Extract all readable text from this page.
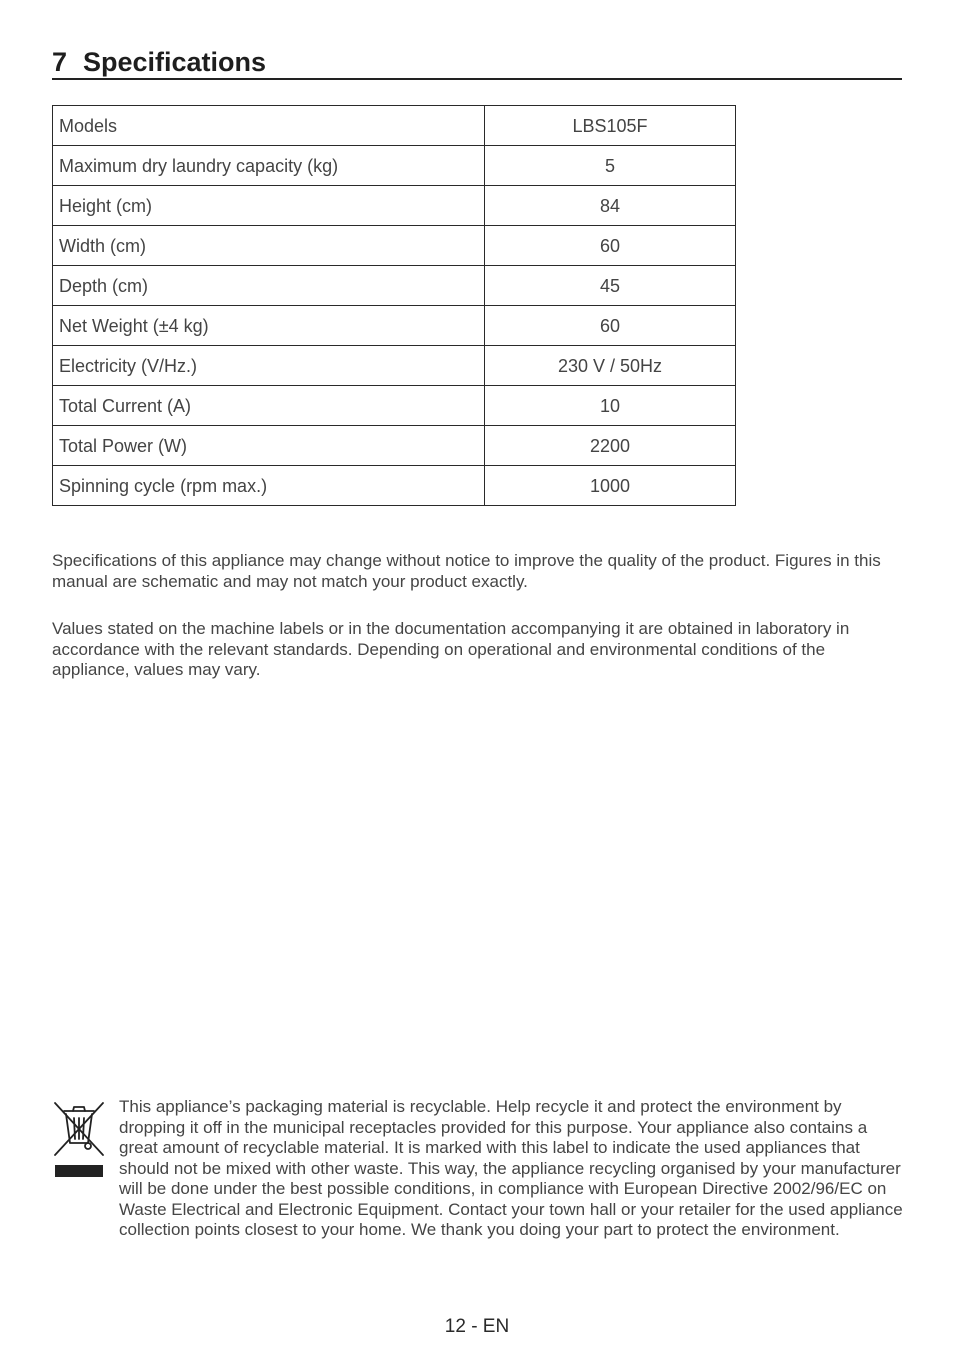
7 Specifications
Models	LBS105F
Maximum dry laundry capacity (kg)	5
Height (cm)	84
Width (cm)	60
Depth (cm)	45
Net Weight (±4 kg)	60
Electricity (V/Hz.)	230 V / 50Hz
Total Current (A)	10
Total Power (W)	2200
Spinning cycle (rpm max.)	1000

Specifications of this appliance may change without notice to improve the quality of the product. Figures in this manual are schematic and may not match your product exactly.

Values stated on the machine labels or in the documentation accompanying it are obtained in laboratory in accordance with the relevant standards. Depending on operational and environmental conditions of the appliance, values may vary.

This appliance’s packaging material is recyclable. Help recycle it and protect the environment by dropping it off in the municipal receptacles provided for this purpose. Your appliance also contains a great amount of recyclable material. It is marked with this label to indicate the used appliances that should not be mixed with other waste. This way, the appliance recycling organised by your manufacturer will be done under the best possible conditions, in compliance with European Directive 2002/96/EC on Waste Electrical and Electronic Equipment. Contact your town hall or your retailer for the used appliance collection points closest to your home. We thank you doing your part to protect the environment.

12 - EN
